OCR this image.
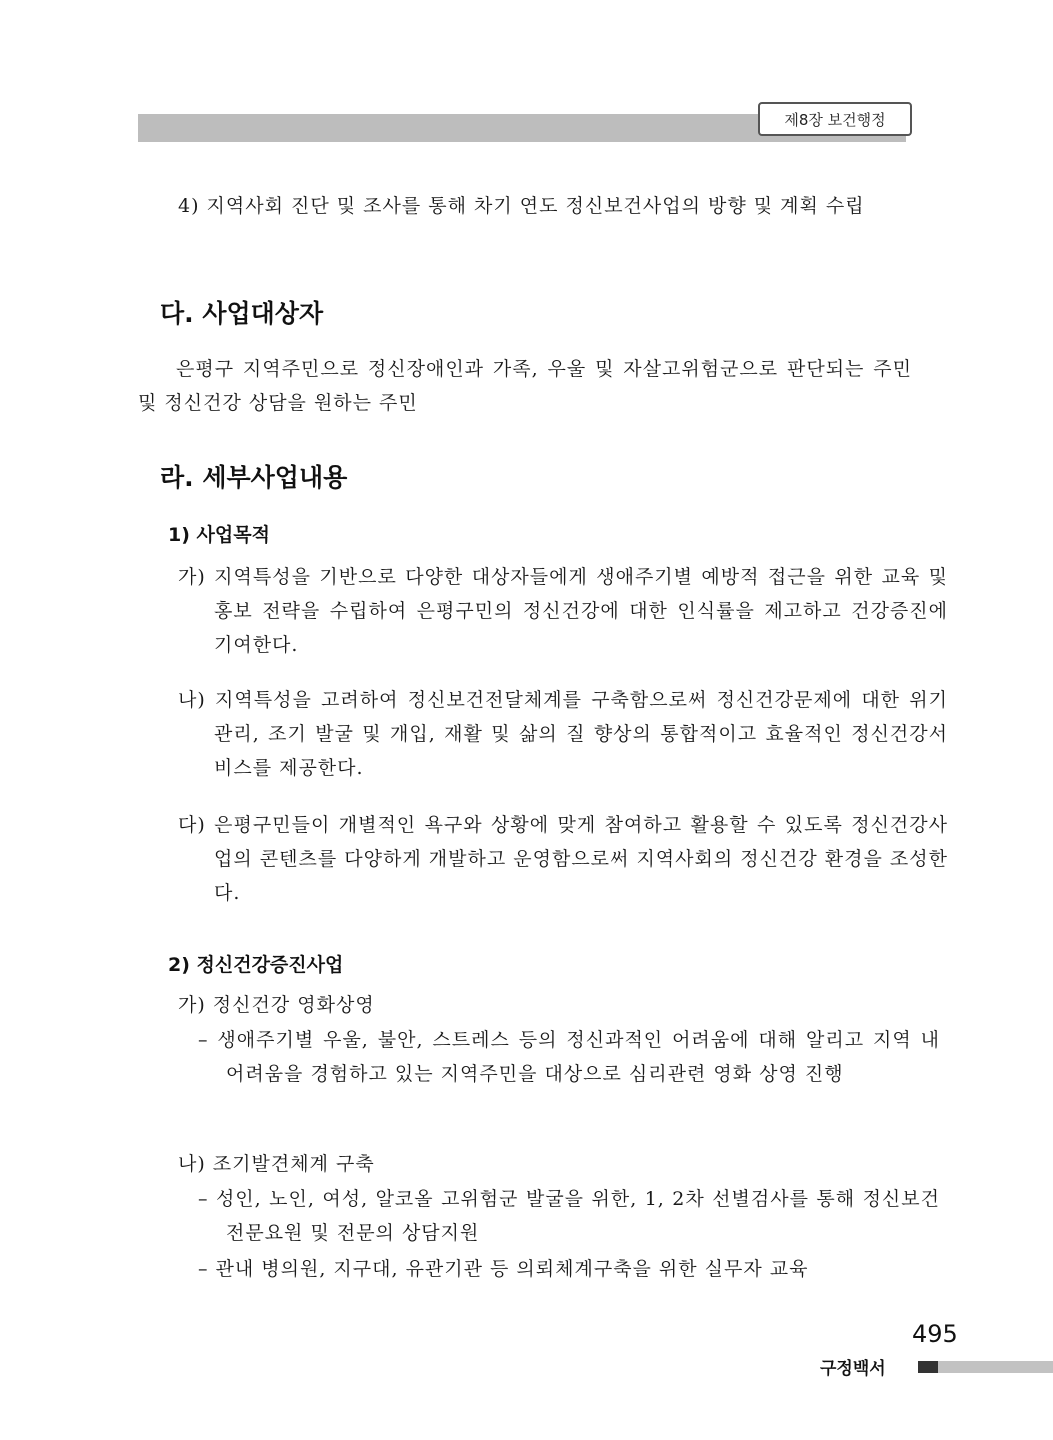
제8장 보건행정

4) 지역사회 진단 및 조사를 통해 차기 연도 정신보건사업의 방향 및 계획 수립

다. 사업대상자

은평구 지역주민으로 정신장애인과 가족, 우울 및 자살고위험군으로 판단되는 주민 및 정신건강 상담을 원하는 주민

라. 세부사업내용
1) 사업목적

가) 지역특성을 기반으로 다양한 대상자들에게 생애주기별 예방적 접근을 위한 교육 및 홍보 전략을 수립하여 은평구민의 정신건강에 대한 인식률을 제고하고 건강증진에 기여한다.

나) 지역특성을 고려하여 정신보건전달체계를 구축함으로써 정신건강문제에 대한 위기관리, 조기 발굴 및 개입, 재활 및 삶의 질 향상의 통합적이고 효율적인 정신건강서비스를 제공한다.

다) 은평구민들이 개별적인 욕구와 상황에 맞게 참여하고 활용할 수 있도록 정신건강사업의 콘텐츠를 다양하게 개발하고 운영함으로써 지역사회의 정신건강 환경을 조성한다.

2) 정신건강증진사업

가) 정신건강 영화상영

– 생애주기별 우울, 불안, 스트레스 등의 정신과적인 어려움에 대해 알리고 지역 내 어려움을 경험하고 있는 지역주민을 대상으로 심리관련 영화 상영 진행

나) 조기발견체계 구축

– 성인, 노인, 여성, 알코올 고위험군 발굴을 위한, 1, 2차 선별검사를 통해 정신보건전문요원 및 전문의 상담지원

– 관내 병의원, 지구대, 유관기관 등 의뢰체계구축을 위한 실무자 교육

495
구정백서
